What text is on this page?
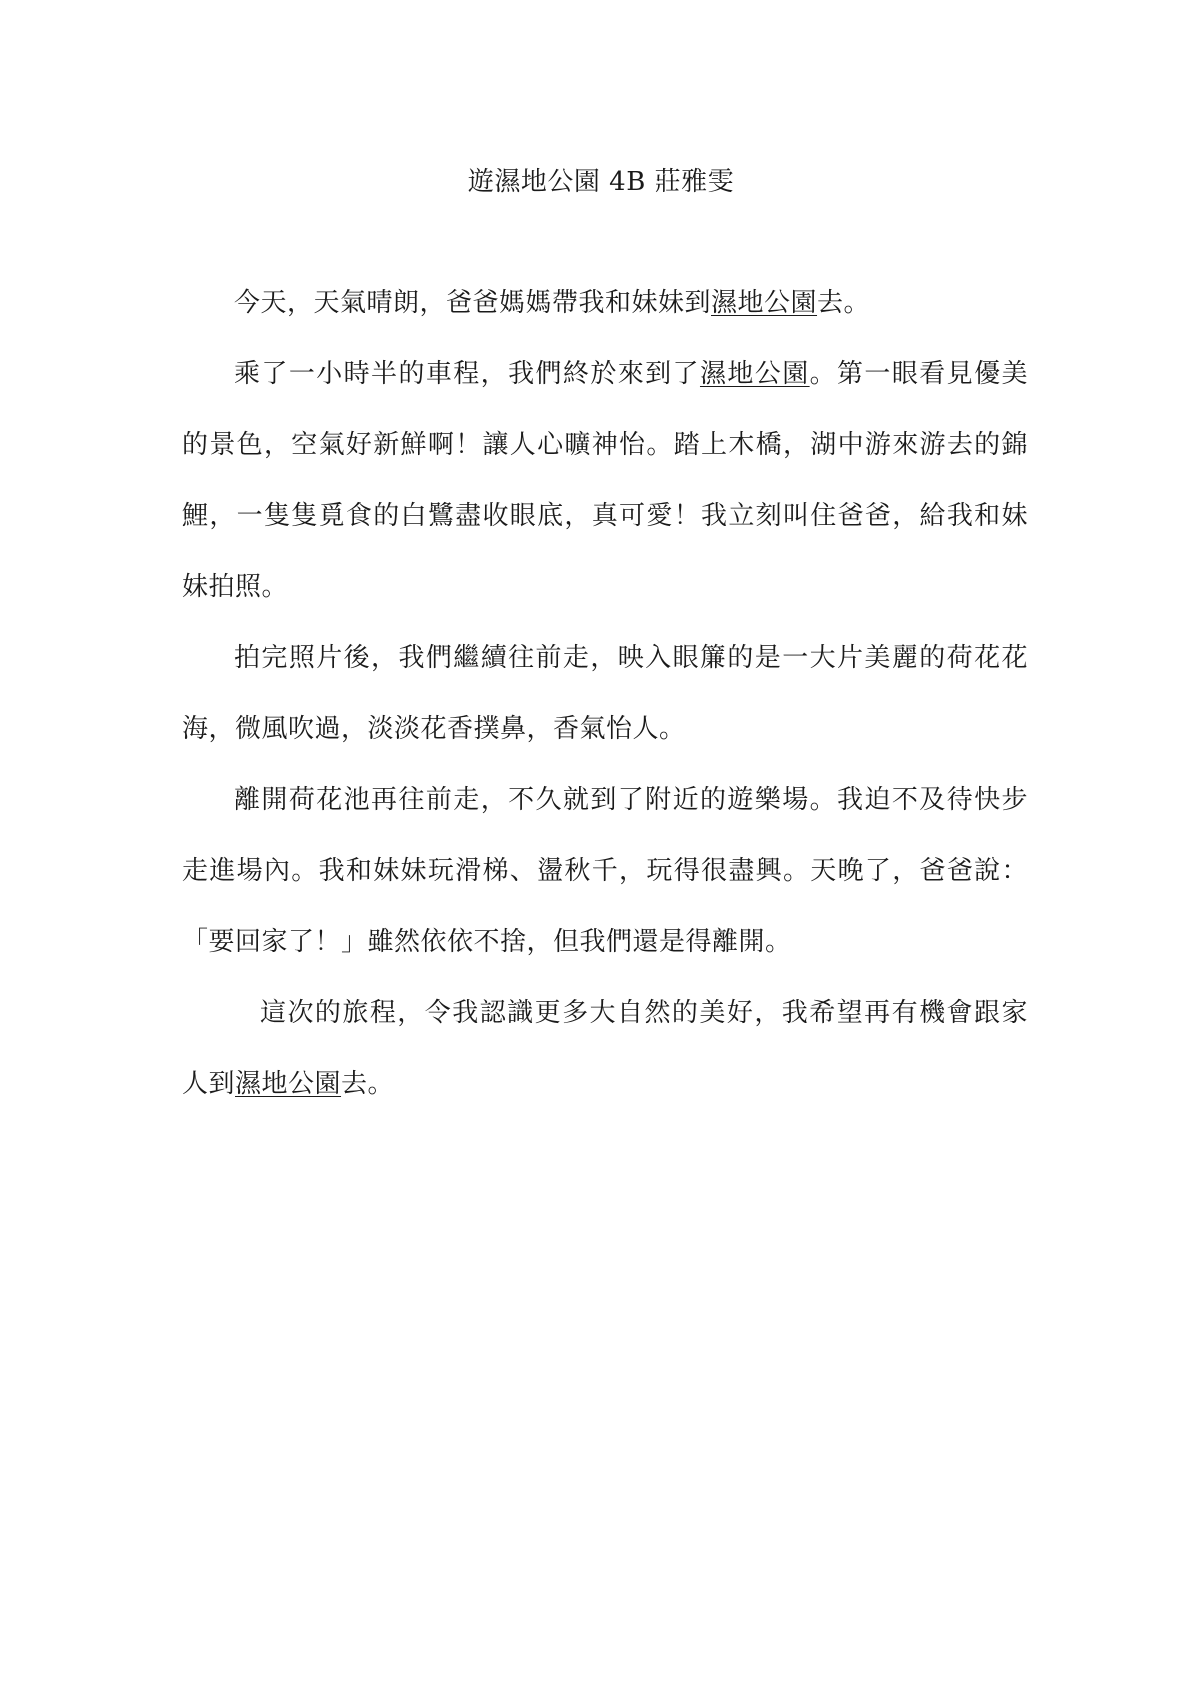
遊濕地公園 4B 莊雅雯

今天，天氣晴朗，爸爸媽媽帶我和妹妹到濕地公園去。

乘了一小時半的車程，我們終於來到了濕地公園。第一眼看見優美的景色，空氣好新鮮啊！讓人心曠神怡。踏上木橋，湖中游來游去的錦鯉，一隻隻覓食的白鷺盡收眼底，真可愛！我立刻叫住爸爸，給我和妹妹拍照。

拍完照片後，我們繼續往前走，映入眼簾的是一大片美麗的荷花花海，微風吹過，淡淡花香撲鼻，香氣怡人。

離開荷花池再往前走，不久就到了附近的遊樂場。我迫不及待快步走進場內。我和妹妹玩滑梯、盪秋千，玩得很盡興。天晚了，爸爸說：「要回家了！」雖然依依不捨，但我們還是得離開。

這次的旅程，令我認識更多大自然的美好，我希望再有機會跟家人到濕地公園去。
